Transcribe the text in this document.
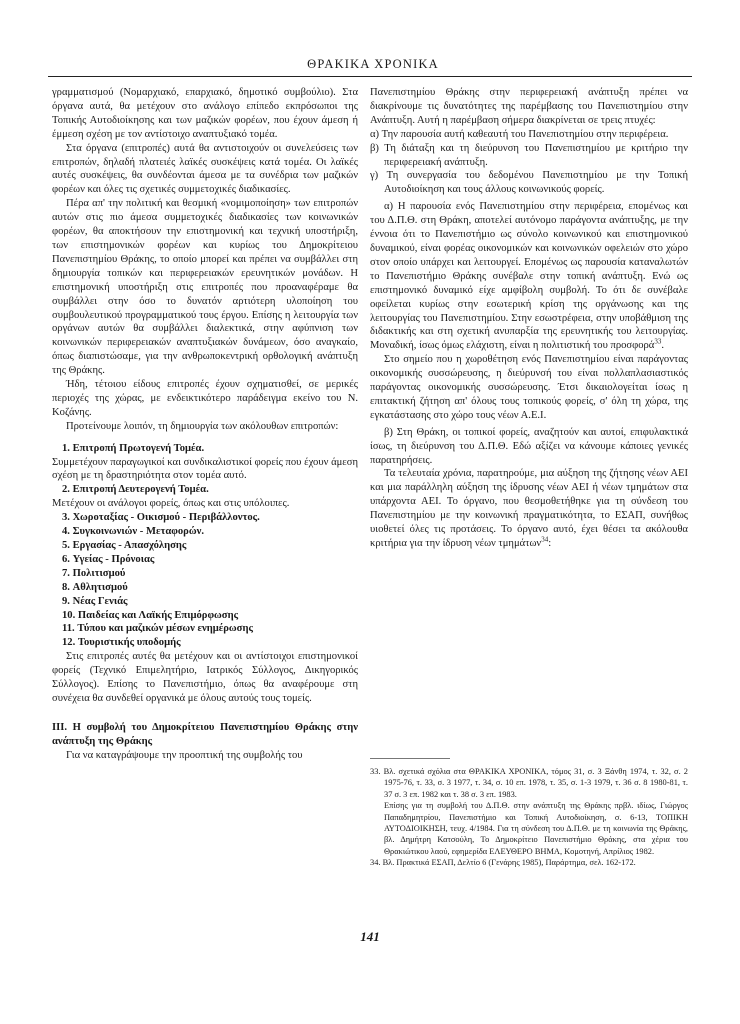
ΘΡΑΚΙΚΑ ΧΡΟΝΙΚΑ

γραμματισμού (Νομαρχιακό, επαρχιακό, δημοτικό συμβούλιο). Στα όργανα αυτά, θα μετέχουν στο ανάλογο επίπεδο εκπρόσωποι της Τοπικής Αυτοδιοίκησης και των μαζικών φορέων, που έχουν άμεση ή έμμεση σχέση με τον αντίστοιχο αναπτυξιακό τομέα.

Στα όργανα (επιτροπές) αυτά θα αντιστοιχούν οι συνελεύσεις των επιτροπών, δηλαδή πλατειές λαϊκές συσκέψεις κατά τομέα. Οι λαϊκές αυτές συσκέψεις, θα συνδέονται άμεσα με τα συνέδρια των μαζικών φορέων και όλες τις σχετικές συμμετοχικές διαδικασίες.

Πέρα απ' την πολιτική και θεσμική «νομιμοποίηση» των επιτροπών αυτών στις πιο άμεσα συμμετοχικές διαδικασίες των κοινωνικών φορέων, θα αποκτήσουν την επιστημονική και τεχνική υποστήριξη, των επιστημονικών φορέων και κυρίως του Δημοκρίτειου Πανεπιστημίου Θράκης, το οποίο μπορεί και πρέπει να συμβάλλει στη δημιουργία τοπικών και περιφερειακών ερευνητικών μονάδων. Η επιστημονική υποστήριξη στις επιτροπές που προαναφέραμε θα συμβάλλει στην όσο το δυνατόν αρτιότερη υλοποίηση του συμβουλευτικού προγραμματικού τους έργου. Επίσης η λειτουργία των οργάνων αυτών θα συμβάλλει διαλεκτικά, στην αφύπνιση των κοινωνικών περιφερειακών αναπτυξιακών δυνάμεων, όσο αναγκαίο, όπως διαπιστώσαμε, για την ανθρωποκεντρική ορθολογική ανάπτυξη της Θράκης.

Ήδη, τέτοιου είδους επιτροπές έχουν σχηματισθεί, σε μερικές περιοχές της χώρας, με ενδεικτικότερο παράδειγμα εκείνο του Ν. Κοζάνης.

Προτείνουμε λοιπόν, τη δημιουργία των ακόλουθων επιτροπών:

1. Επιτροπή Πρωτογενή Τομέα.

Συμμετέχουν παραγωγικοί και συνδικαλιστικοί φορείς που έχουν άμεση σχέση με τη δραστηριότητα στον τομέα αυτό.

2. Επιτροπή Δευτερογενή Τομέα.

Μετέχουν οι ανάλογοι φορείς, όπως και στις υπόλοιπες.

3. Χωροταξίας - Οικισμού - Περιβάλλοντος.

4. Συγκοινωνιών - Μεταφορών.

5. Εργασίας - Απασχόλησης

6. Υγείας - Πρόνοιας

7. Πολιτισμού

8. Αθλητισμού

9. Νέας Γενιάς

10. Παιδείας και Λαϊκής Επιμόρφωσης

11. Τύπου και μαζικών μέσων ενημέρωσης

12. Τουριστικής υποδομής

Στις επιτροπές αυτές θα μετέχουν και οι αντίστοιχοι επιστημονικοί φορείς (Τεχνικό Επιμελητήριο, Ιατρικός Σύλλογος, Δικηγορικός Σύλλογος). Επίσης το Πανεπιστήμιο, όπως θα αναφέρουμε στη συνέχεια θα συνδεθεί οργανικά με όλους αυτούς τους τομείς.

ΙΙΙ. Η συμβολή του Δημοκρίτειου Πανεπιστημίου Θράκης στην ανάπτυξη της Θράκης

Για να καταγράψουμε την προοπτική της συμβολής του

Πανεπιστημίου Θράκης στην περιφερειακή ανάπτυξη πρέπει να διακρίνουμε τις δυνατότητες της παρέμβασης του Πανεπιστημίου στην Ανάπτυξη. Αυτή η παρέμβαση σήμερα διακρίνεται σε τρεις πτυχές:

α) Την παρουσία αυτή καθεαυτή του Πανεπιστημίου στην περιφέρεια.

β) Τη διάταξη και τη διεύρυνση του Πανεπιστημίου με κριτήριο την περιφερειακή ανάπτυξη.

γ) Τη συνεργασία του δεδομένου Πανεπιστημίου με την Τοπική Αυτοδιοίκηση και τους άλλους κοινωνικούς φορείς.

α) Η παρουσία ενός Πανεπιστημίου στην περιφέρεια, επομένως και του Δ.Π.Θ. στη Θράκη, αποτελεί αυτόνομο παράγοντα ανάπτυξης, με την έννοια ότι το Πανεπιστήμιο ως σύνολο κοινωνικού και επιστημονικού δυναμικού, είναι φορέας οικονομικών και κοινωνικών οφελειών στο χώρο στον οποίο υπάρχει και λειτουργεί. Επομένως ως παρουσία καταναλωτών το Πανεπιστήμιο Θράκης συνέβαλε στην τοπική ανάπτυξη. Ενώ ως επιστημονικό δυναμικό είχε αμφίβολη συμβολή. Το ότι δε συνέβαλε οφείλεται κυρίως στην εσωτερική κρίση της οργάνωσης και της λειτουργίας του Πανεπιστημίου. Στην εσωστρέφεια, στην υποβάθμιση της διδακτικής και στη σχετική ανυπαρξία της ερευνητικής του λειτουργίας. Μοναδική, ίσως όμως ελάχιστη, είναι η πολιτιστική του προσφορά$^{33}$.

Στο σημείο που η χωροθέτηση ενός Πανεπιστημίου είναι παράγοντας οικονομικής συσσώρευσης, η διεύρυνσή του είναι πολλαπλασιαστικός παράγοντας οικονομικής συσσώρευσης. Έτσι δικαιολογείται ίσως η επιτακτική ζήτηση απ' όλους τους τοπικούς φορείς, σ' όλη τη χώρα, της εγκατάστασης στο χώρο τους νέων Α.Ε.Ι.

β) Στη Θράκη, οι τοπικοί φορείς, αναζητούν και αυτοί, επιφυλακτικά ίσως, τη διεύρυνση του Δ.Π.Θ. Εδώ αξίζει να κάνουμε κάποιες γενικές παρατηρήσεις.

Τα τελευταία χρόνια, παρατηρούμε, μια αύξηση της ζήτησης νέων ΑΕΙ και μια παράλληλη αύξηση της ίδρυσης νέων ΑΕΙ ή νέων τμημάτων στα υπάρχοντα ΑΕΙ. Το όργανο, που θεσμοθετήθηκε για τη σύνδεση του Πανεπιστημίου με την κοινωνική πραγματικότητα, το ΕΣΑΠ, συνήθως υιοθετεί όλες τις προτάσεις. Το όργανο αυτό, έχει θέσει τα ακόλουθα κριτήρια για την ίδρυση νέων τμημάτων$^{34}$:

33. Βλ. σχετικά σχόλια στα ΘΡΑΚΙΚΑ ΧΡΟΝΙΚΑ, τόμος 31, σ. 3 Ξάνθη 1974, τ. 32, σ. 2 1975-76, τ. 33, σ. 3 1977, τ. 34, σ. 10 επ. 1978, τ. 35, σ. 1-3 1979, τ. 36 σ. 8 1980-81, τ. 37 σ. 3 επ. 1982 και τ. 38 σ. 3 επ. 1983.

Επίσης για τη συμβολή του Δ.Π.Θ. στην ανάπτυξη της Θράκης πρβλ. ιδίως, Γιώργος Παπαδημητρίου, Πανεπιστήμιο και Τοπική Αυτοδιοίκηση, σ. 6-13, ΤΟΠΙΚΗ ΑΥΤΟΔΙΟΙΚΗΣΗ, τευχ. 4/1984. Για τη σύνδεση του Δ.Π.Θ. με τη κοινωνία της Θράκης, βλ. Δημήτρη Κατσούλη, Το Δημοκρίτειο Πανεπιστήμιο Θράκης, στα χέρια του Θρακιώτικου λαού, εφημερίδα ΕΛΕΥΘΕΡΟ ΒΗΜΑ, Κομοτηνή, Απρίλιος 1982.

34. Βλ. Πρακτικά ΕΣΑΠ, Δελτίο 6 (Γενάρης 1985), Παράρτημα, σελ. 162-172.

141
